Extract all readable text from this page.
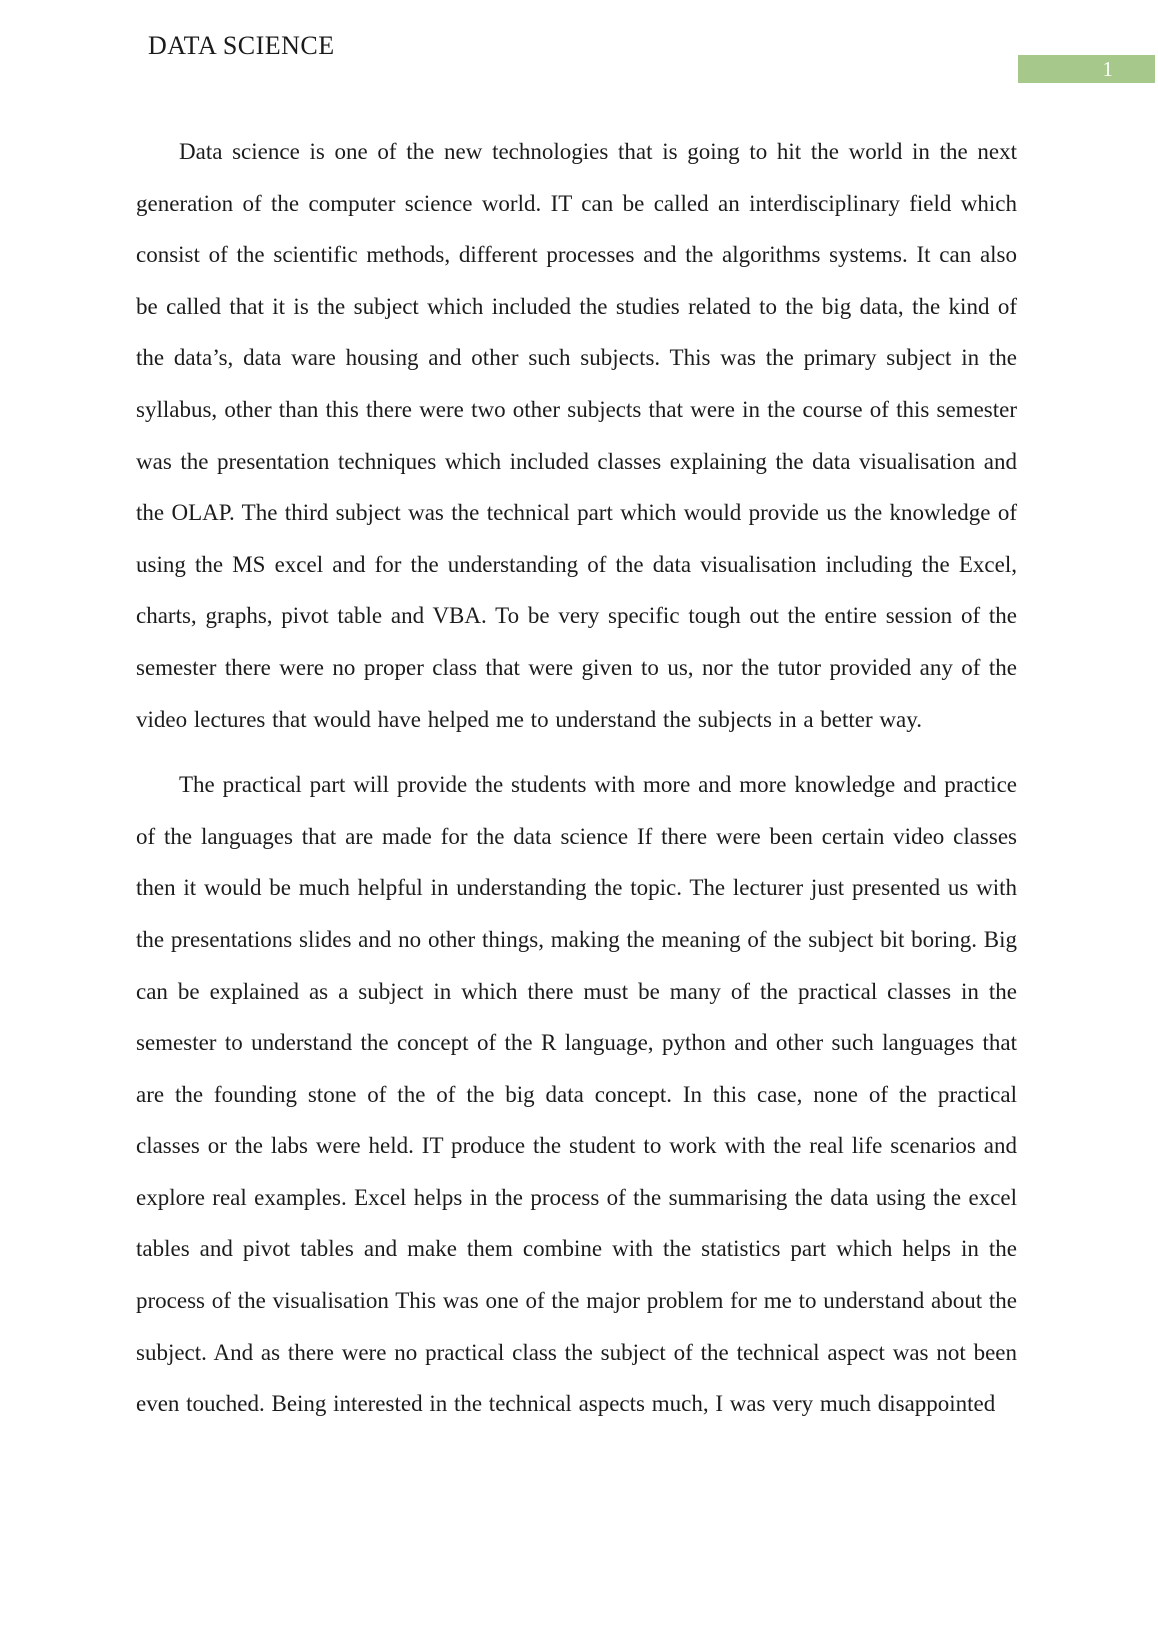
DATA SCIENCE
1

Data science is one of the new technologies that is going to hit the world in the next generation of the computer science world. IT can be called an interdisciplinary field which consist of the scientific methods, different processes and the algorithms systems. It can also be called that it is the subject which included the studies related to the big data, the kind of the data’s, data ware housing and other such subjects. This was the primary subject in the syllabus, other than this there were two other subjects that were in the course of this semester was the presentation techniques which included classes explaining the data visualisation and the OLAP. The third subject was the technical part which would provide us the knowledge of using the MS excel and for the understanding of the data visualisation including the Excel, charts, graphs, pivot table and VBA. To be very specific tough out the entire session of the semester there were no proper class that were given to us, nor the tutor provided any of the video lectures that would have helped me to understand the subjects in a better way.

The practical part will provide the students with more and more knowledge and practice of the languages that are made for the data science If there were been certain video classes then it would be much helpful in understanding the topic. The lecturer just presented us with the presentations slides and no other things, making the meaning of the subject bit boring. Big can be explained as a subject in which there must be many of the practical classes in the semester to understand the concept of the R language, python and other such languages that are the founding stone of the of the big data concept. In this case, none of the practical classes or the labs were held. IT produce the student to work with the real life scenarios and explore real examples. Excel helps in the process of the summarising the data using the excel tables and pivot tables and make them combine with the statistics part which helps in the process of the visualisation This was one of the major problem for me to understand about the subject. And as there were no practical class the subject of the technical aspect was not been even touched. Being interested in the technical aspects much, I was very much disappointed
